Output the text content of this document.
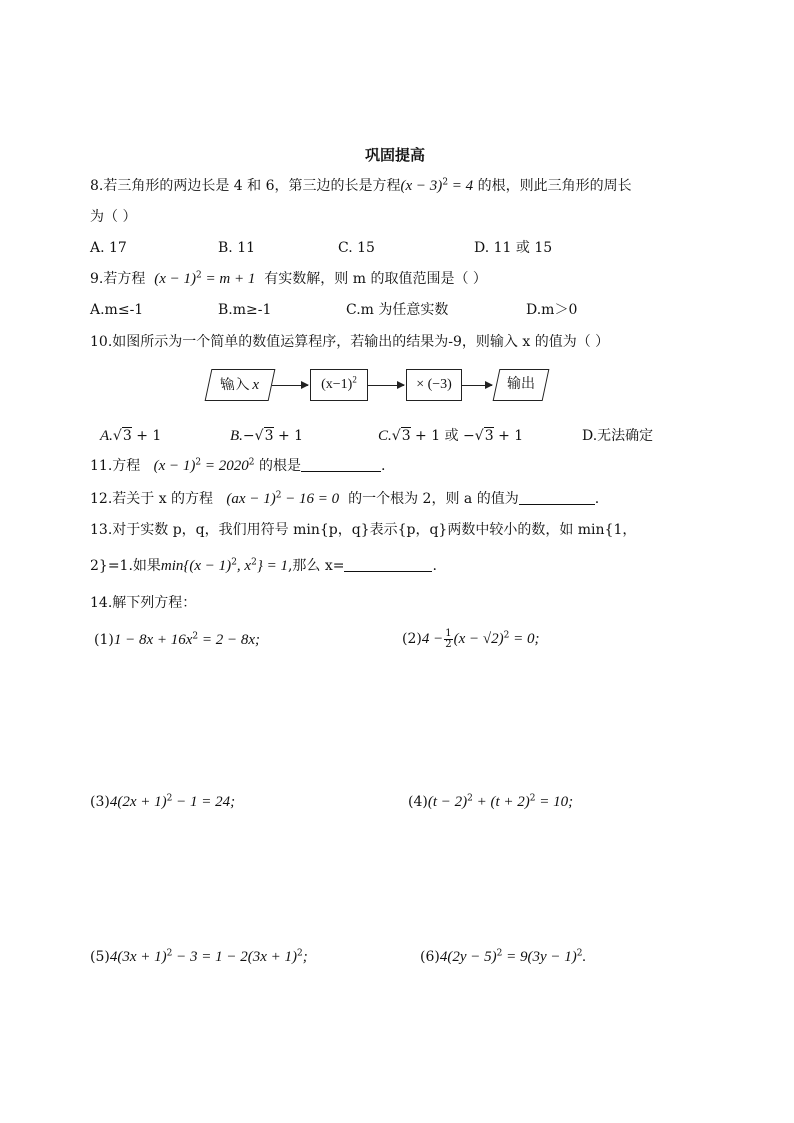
巩固提高
8.若三角形的两边长是 4 和 6，第三边的长是方程$(x - 3)^2 = 4$ 的根，则此三角形的周长
为（ ）
A. 17	B. 11	C. 15	D. 11 或 15
9.若方程 $(x - 1)^2 = m + 1$ 有实数解，则 m 的取值范围是（ ）
A.m≤-1	B.m≥-1	C.m 为任意实数	D.m＞0
10.如图所示为一个简单的数值运算程序，若输出的结果为-9，则输入 x 的值为（ ）
输入 x	$(x-1)^2$	× (−3)	输出
A.√3 + 1	B.−√3 + 1	C.√3 + 1 或 −√3 + 1	D.无法确定
11.方程 $(x - 1)^2 = 2020^2$ 的根是	.
12.若关于 x 的方程 (ax − 1)$^2$ − 16 = 0 的一个根为 2，则 a 的值为	.
13.对于实数 p，q，我们用符号 min{p，q}表示{p，q}两数中较小的数，如 min{1，
2}=1.如果$\min\{(x - 1)^2$, $x^2\} = 1$,那么 x=	.
14.解下列方程：
$(1)1 - 8x + 16x^2 = 2 - 8x$;	$(2)4 - \frac{1}{2} (x - √2)^2 = 0$;
$(3)4(2x + 1)^2 - 1 = 24$;	$(4)(t - 2)^2 + (t + 2)^2 = 10$;
$(5)4(3x + 1)^2 - 3 = 1 - 2(3x + 1)^2$;	$(6)4(2y - 5)^2 = 9(3y - 1)^2$.
